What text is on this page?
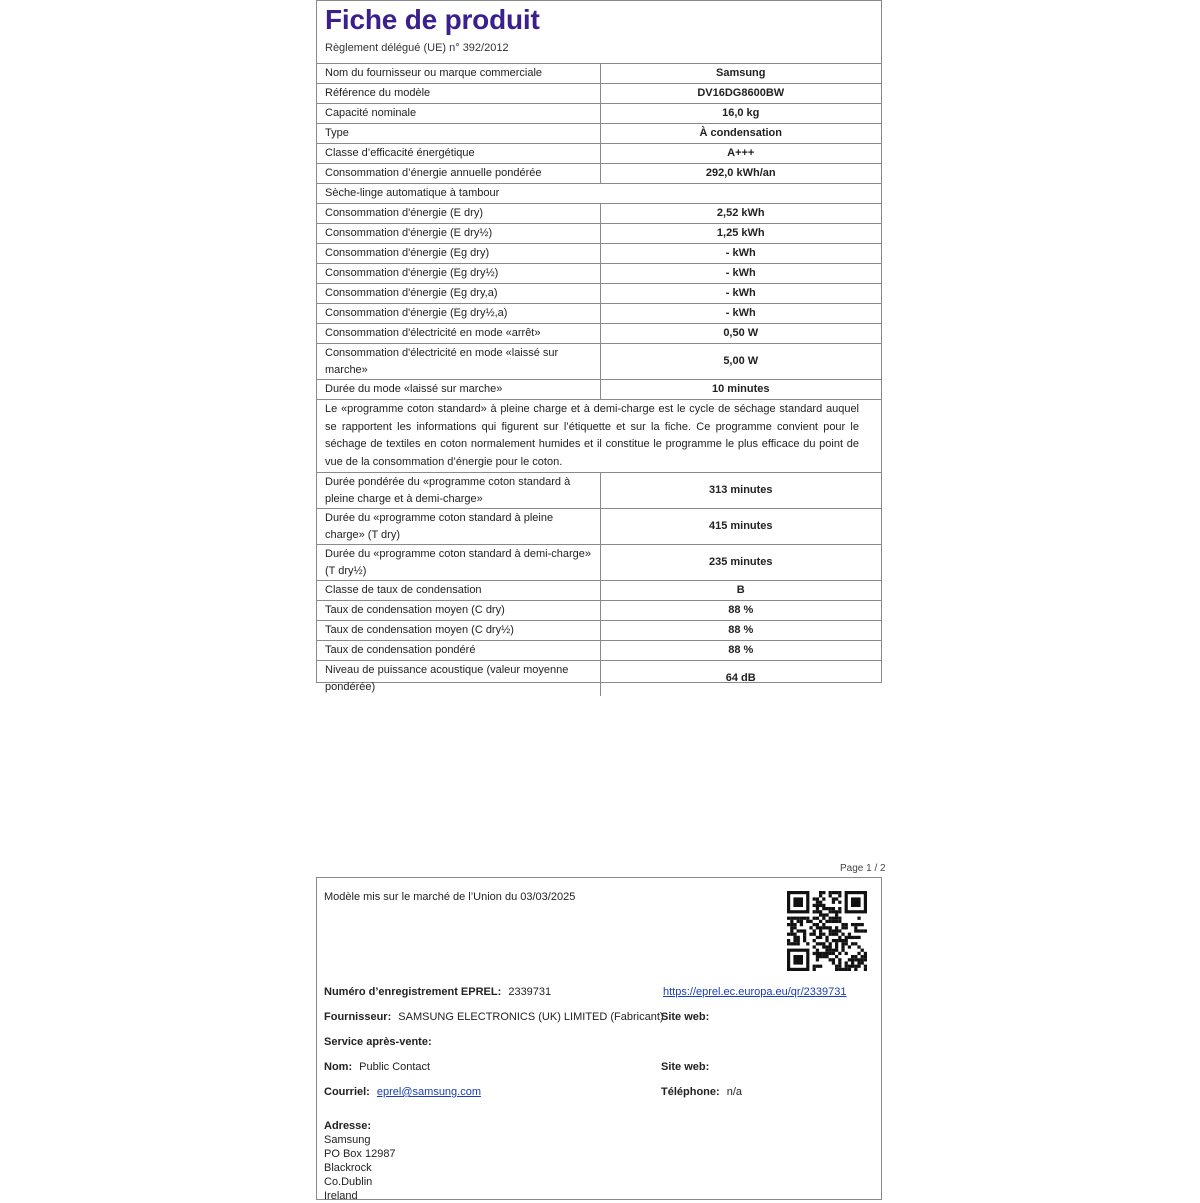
Fiche de produit
Règlement délégué (UE) n° 392/2012
Nom du fournisseur ou marque commerciale	Samsung
Référence du modèle	DV16DG8600BW
Capacité nominale	16,0 kg
Type	À condensation
Classe d’efficacité énergétique	A+++
Consommation d’énergie annuelle pondérée	292,0 kWh/an
Sèche-linge automatique à tambour	
Consommation d'énergie (E dry)	2,52 kWh
Consommation d'énergie (E dry½)	1,25 kWh
Consommation d'énergie (Eg dry)	- kWh
Consommation d'énergie (Eg dry½)	- kWh
Consommation d'énergie (Eg dry,a)	- kWh
Consommation d'énergie (Eg dry½,a)	- kWh
Consommation d'électricité en mode «arrêt»	0,50 W
Consommation d'électricité en mode «laissé sur marche»	5,00 W
Durée du mode «laissé sur marche»	10 minutes
Le «programme coton standard» à pleine charge et à demi-charge est le cycle de séchage standard auquel se rapportent les informations qui figurent sur l’étiquette et sur la fiche. Ce programme convient pour le séchage de textiles en coton normalement humides et il constitue le programme le plus efficace du point de vue de la consommation d’énergie pour le coton.	
Durée pondérée du «programme coton standard à pleine charge et à demi-charge»	313 minutes
Durée du «programme coton standard à pleine charge» (T dry)	415 minutes
Durée du «programme coton standard à demi-charge» (T dry½)	235 minutes
Classe de taux de condensation	B
Taux de condensation moyen (C dry)	88 %
Taux de condensation moyen (C dry½)	88 %
Taux de condensation pondéré	88 %
Niveau de puissance acoustique (valeur moyenne pondérée)	64 dB
Page 1 / 2
Modèle mis sur le marché de l’Union du 03/03/2025
Numéro d’enregistrement EPREL: 2339731	https://eprel.ec.europa.eu/qr/2339731
Fournisseur: SAMSUNG ELECTRONICS (UK) LIMITED (Fabricant)
Site web:
Service après-vente:
Nom: Public Contact	Site web:
Courriel: eprel@samsung.com	Téléphone: n/a
Adresse:
Samsung
PO Box 12987
Blackrock
Co.Dublin
Ireland
